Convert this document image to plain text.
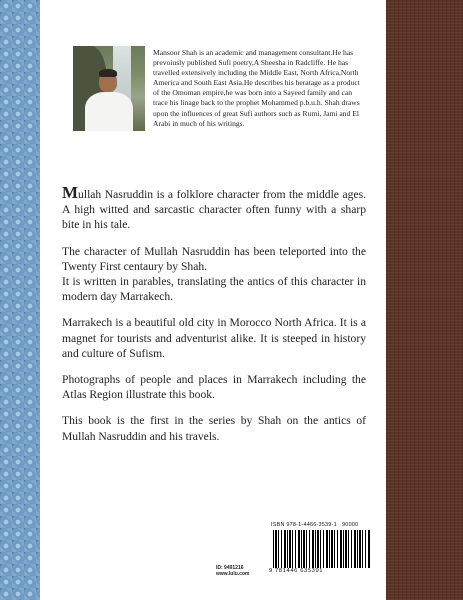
Mansoor Shah is an academic and management consultant.He has prevoiusly published Sufi poetry,A Sheesha in Radcliffe. He has travelled extensively including the Middle East, North Africa,North America and South East Asia.He describes his heratage as a product of the Omoman empire,he was born into a Sayeed family and can trace his linage back to the prophet Mohammed p.b.u.h. Shah draws upon the influences of great Sufi authors such as Rumi, Jami and El Arabi in much of his writings.

Mullah Nasruddin is a folklore character from the middle ages. A high witted and sarcastic character often funny with a sharp bite in his tale.

The character of Mullah Nasruddin has been teleported into the Twenty First centaury by Shah.

It is written in parables, translating the antics of this character in modern day Marrakech.

Marrakech is a beautiful old city in Morocco North Africa. It is a magnet for tourists and adventurist alike. It is steeped in history and culture of Sufism.

Photographs of people and places in Marrakech including the Atlas Region illustrate this book.

This book is the first in the series by Shah on the antics of Mullah Nasruddin and his travels.

ID: 9491216
www.lulu.com
ISBN 978-1-4466-3539-1 90000
9 781446 635391
